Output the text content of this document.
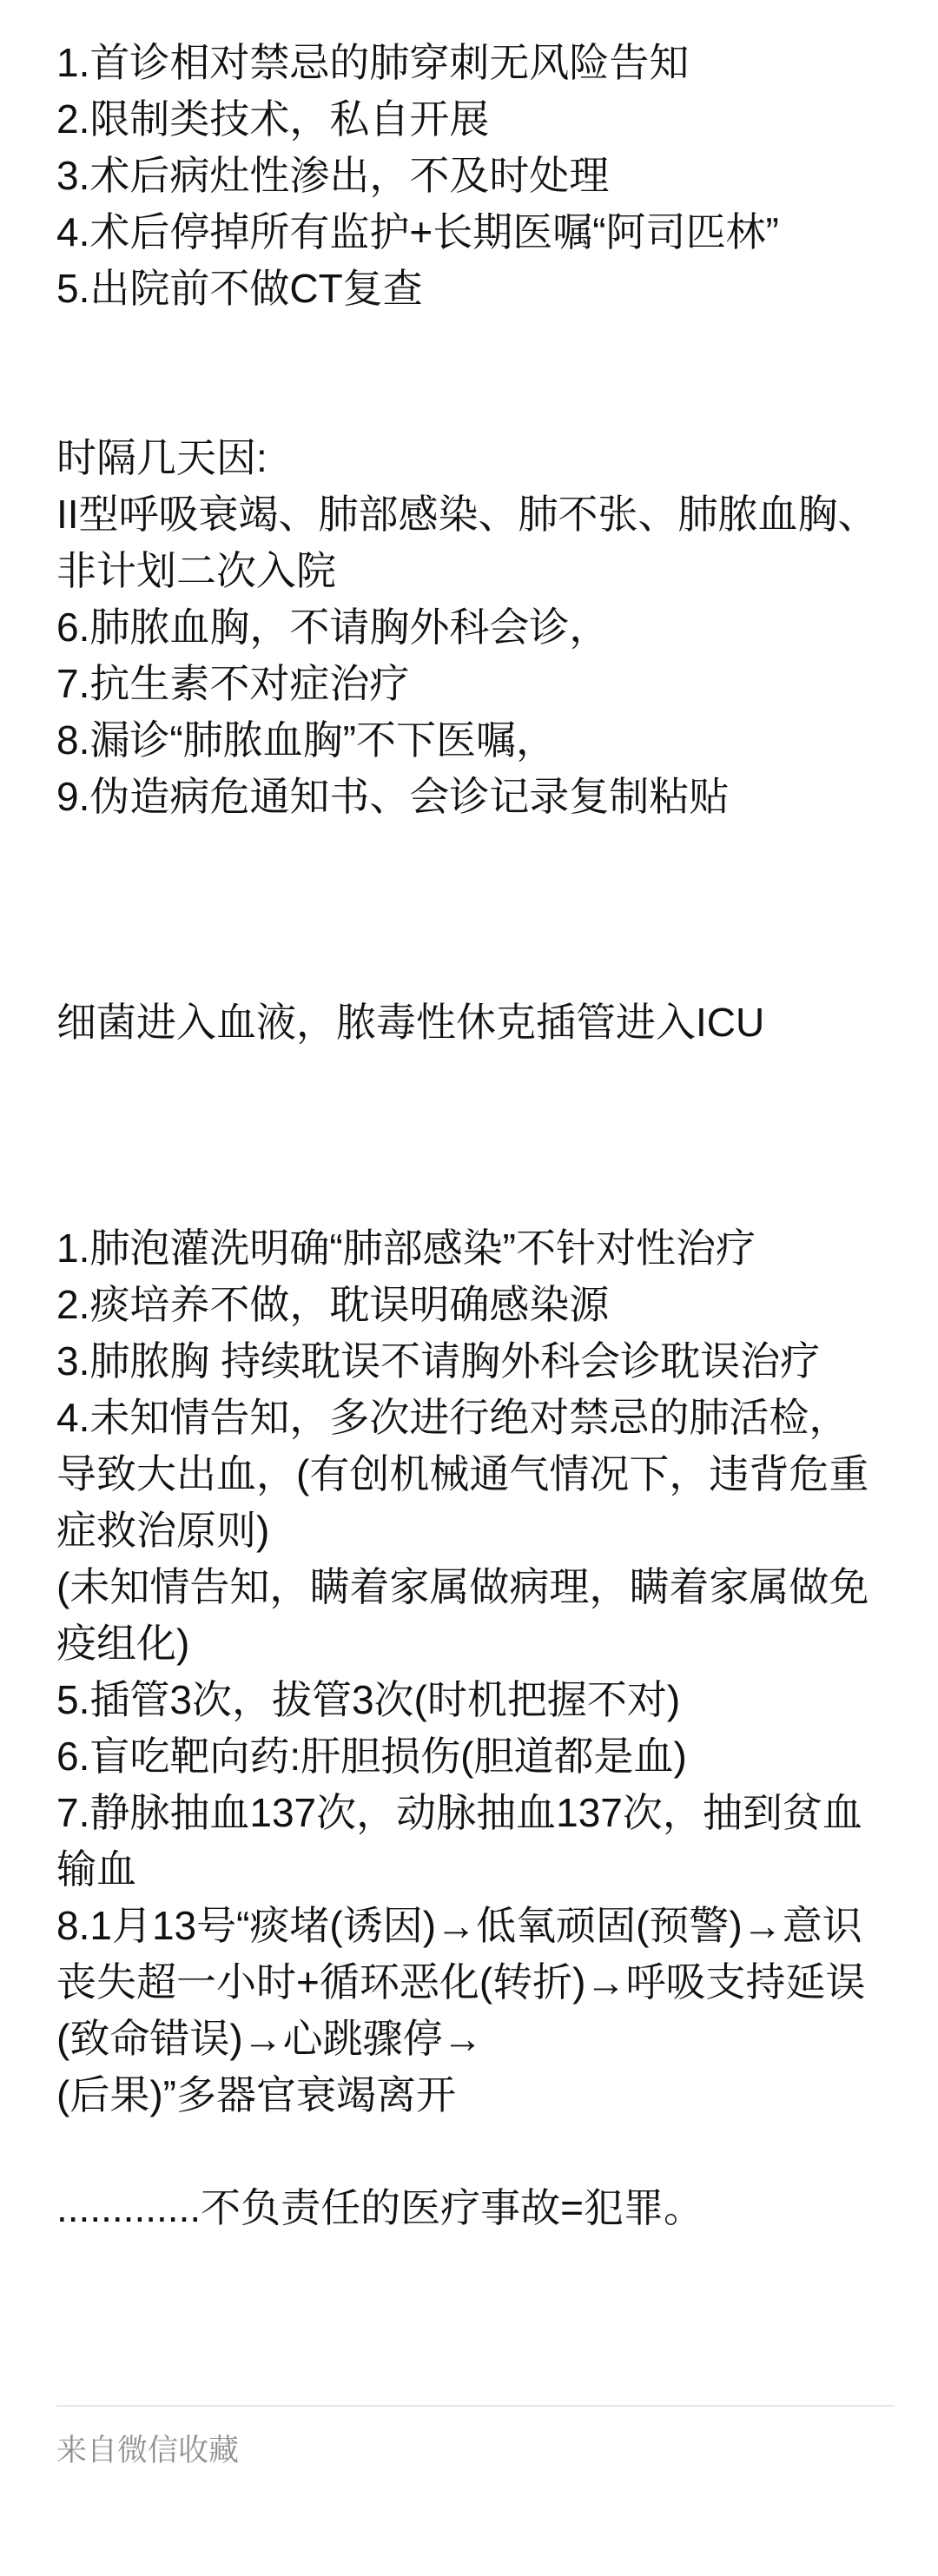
1.首诊相对禁忌的肺穿刺无风险告知
2.限制类技术，私自开展
3.术后病灶性渗出，不及时处理
4.术后停掉所有监护+长期医嘱“阿司匹林”
5.出院前不做CT复查

时隔几天因:
II型呼吸衰竭、肺部感染、肺不张、肺脓血胸、
非计划二次入院
6.肺脓血胸，不请胸外科会诊，
7.抗生素不对症治疗
8.漏诊“肺脓血胸”不下医嘱，
9.伪造病危通知书、会诊记录复制粘贴

细菌进入血液，脓毒性休克插管进入ICU

1.肺泡灌洗明确“肺部感染”不针对性治疗
2.痰培养不做，耽误明确感染源
3.肺脓胸 持续耽误不请胸外科会诊耽误治疗
4.未知情告知，多次进行绝对禁忌的肺活检，
导致大出血，(有创机械通气情况下，违背危重
症救治原则)
(未知情告知，瞒着家属做病理，瞒着家属做免
疫组化)
5.插管3次，拔管3次(时机把握不对)
6.盲吃靶向药:肝胆损伤(胆道都是血)
7.静脉抽血137次，动脉抽血137次，抽到贫血
输血
8.1月13号“痰堵(诱因)→低氧顽固(预警)→意识
丧失超一小时+循环恶化(转折)→呼吸支持延误
(致命错误)→心跳骤停→
(后果)”多器官衰竭离开

.............不负责任的医疗事故=犯罪。
来自微信收藏
